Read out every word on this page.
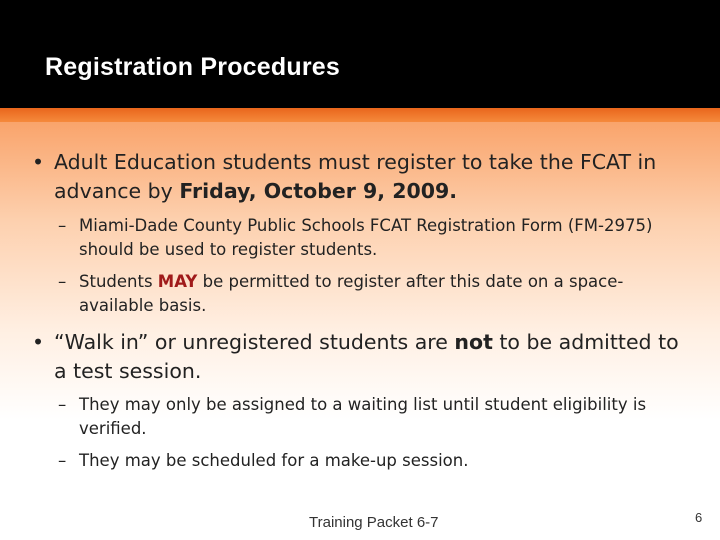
Registration Procedures
• Adult Education students must register to take the FCAT in advance by Friday, October 9, 2009.
– Miami-Dade County Public Schools FCAT Registration Form (FM-2975) should be used to register students.
– Students MAY be permitted to register after this date on a space-available basis.
• “Walk in” or unregistered students are not to be admitted to a test session.
– They may only be assigned to a waiting list until student eligibility is verified.
– They may be scheduled for a make-up session.
Training Packet 6-7	6
